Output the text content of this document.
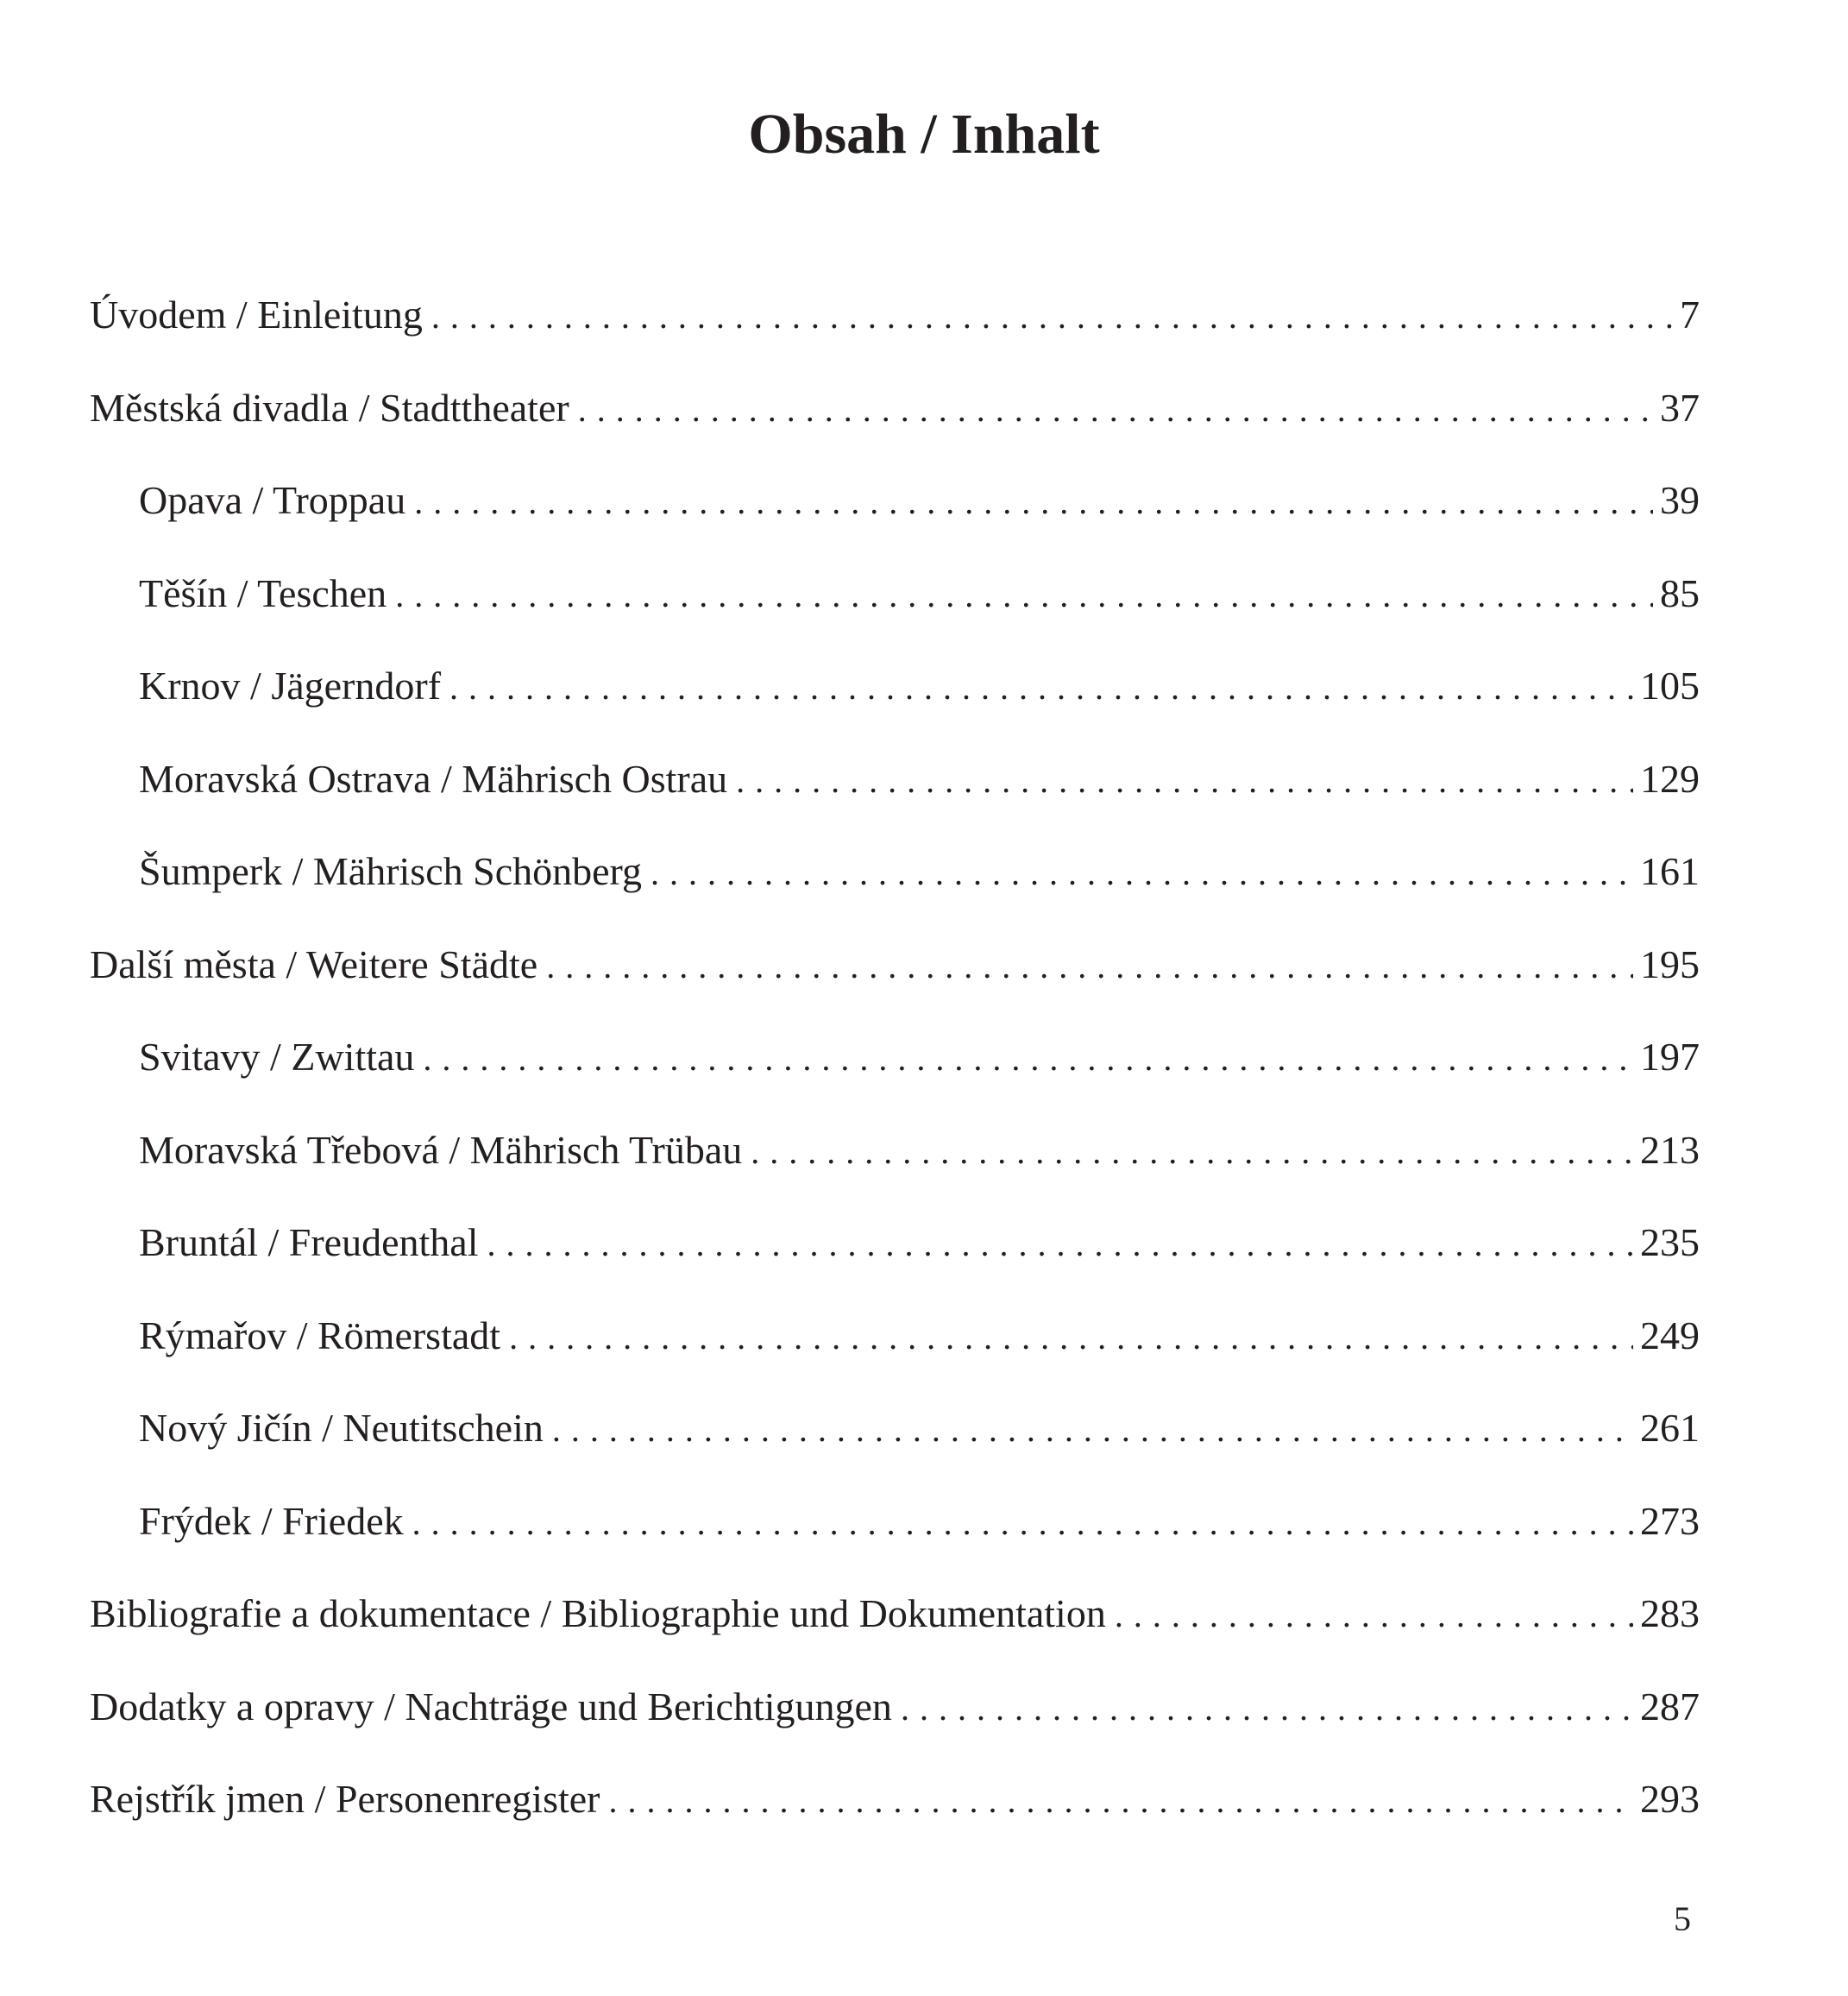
Obsah / Inhalt
Úvodem / Einleitung . . .	7
Městská divadla / Stadttheater . . .	37
Opava / Troppau . . .	39
Těšín / Teschen . . .	85
Krnov / Jägerndorf . . .	105
Moravská Ostrava / Mährisch Ostrau . . .	129
Šumperk / Mährisch Schönberg . . .	161
Další města / Weitere Städte . . .	195
Svitavy / Zwittau . . .	197
Moravská Třebová / Mährisch Trübau . . .	213
Bruntál / Freudenthal . . .	235
Rýmařov / Römerstadt . . .	249
Nový Jičín / Neutitschein . . .	261
Frýdek / Friedek . . .	273
Bibliografie a dokumentace / Bibliographie und Dokumentation . . .	283
Dodatky a opravy / Nachträge und Berichtigungen . . .	287
Rejstřík jmen / Personenregister . . .	293
5
